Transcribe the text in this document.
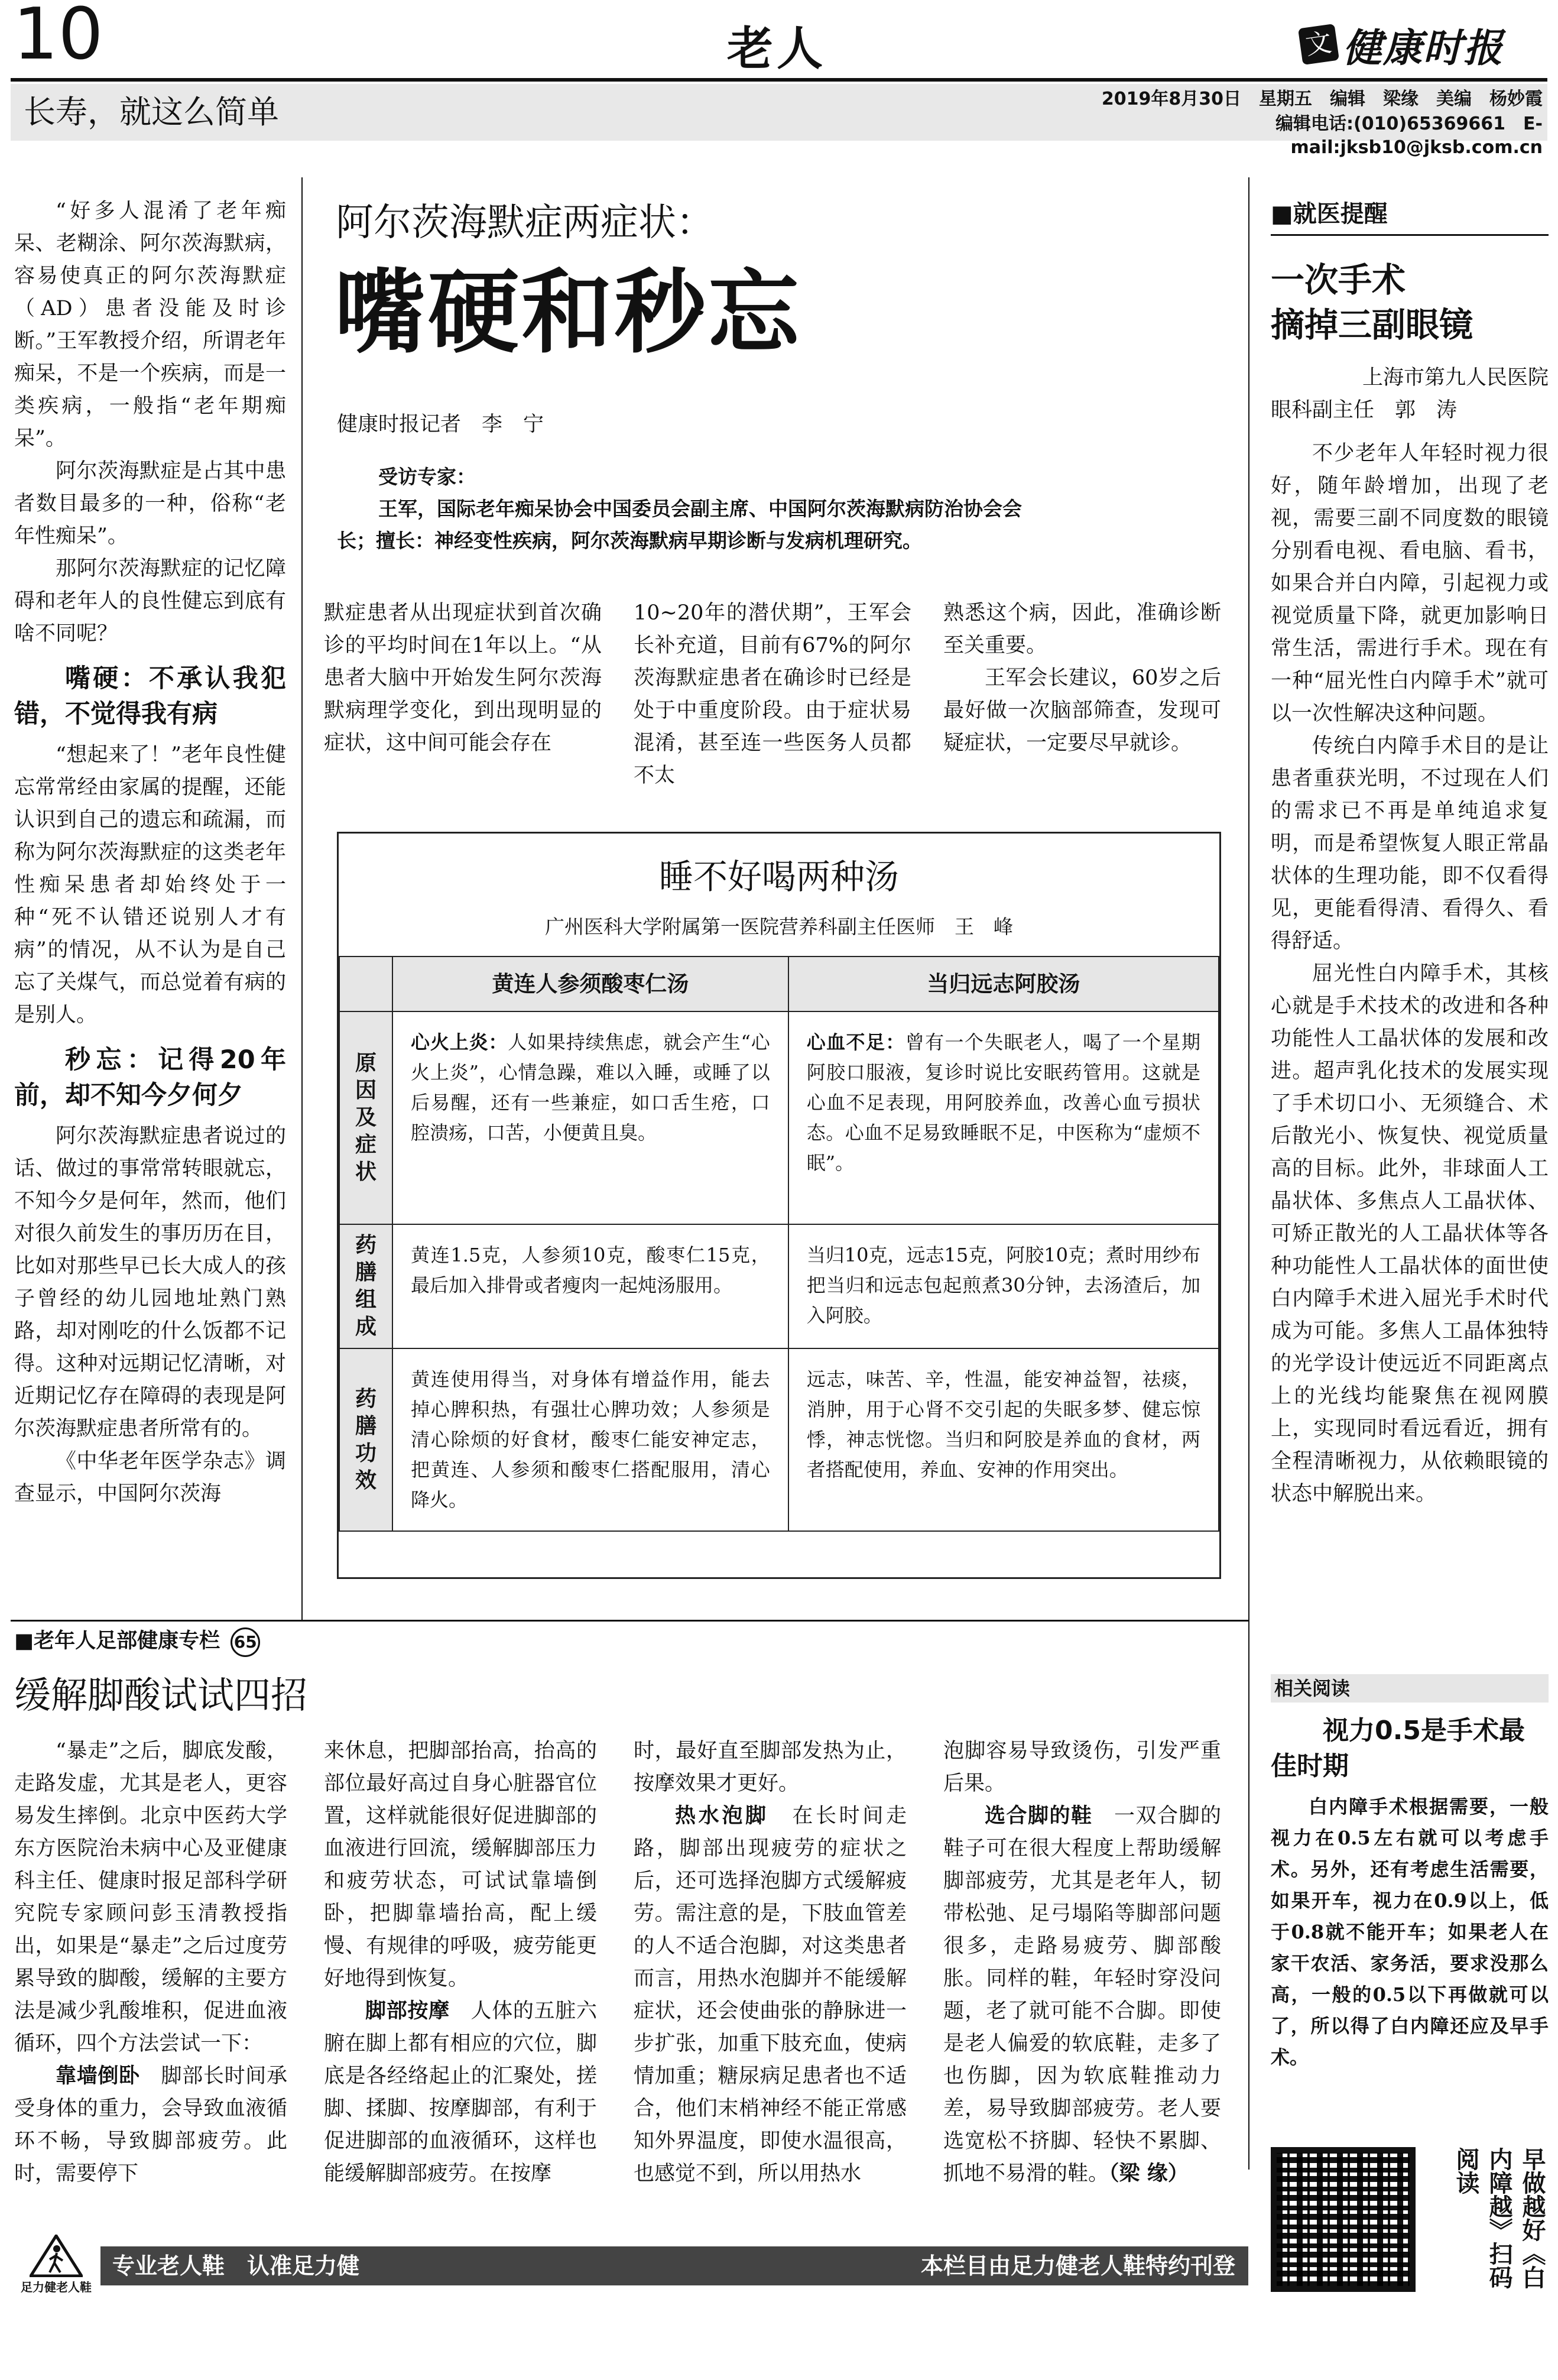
10	老人	文 健康时报
长寿，就这么简单	2019年8月30日　星期五　编辑　梁缘　美编　杨妙霞
编辑电话:(010)65369661　E-mail:jksb10@jksb.com.cn

“好多人混淆了老年痴呆、老糊涂、阿尔茨海默病，容易使真正的阿尔茨海默症（AD）患者没能及时诊断。”王军教授介绍，所谓老年痴呆，不是一个疾病，而是一类疾病，一般指“老年期痴呆”。

阿尔茨海默症是占其中患者数目最多的一种，俗称“老年性痴呆”。

那阿尔茨海默症的记忆障碍和老年人的良性健忘到底有啥不同呢？

嘴硬：不承认我犯错，不觉得我有病

“想起来了！”老年良性健忘常常经由家属的提醒，还能认识到自己的遗忘和疏漏，而称为阿尔茨海默症的这类老年性痴呆患者却始终处于一种“死不认错还说别人才有病”的情况，从不认为是自己忘了关煤气，而总觉着有病的是别人。

秒忘：记得20年前，却不知今夕何夕

阿尔茨海默症患者说过的话、做过的事常常转眼就忘，不知今夕是何年，然而，他们对很久前发生的事历历在目，比如对那些早已长大成人的孩子曾经的幼儿园地址熟门熟路，却对刚吃的什么饭都不记得。这种对远期记忆清晰，对近期记忆存在障碍的表现是阿尔茨海默症患者所常有的。

《中华老年医学杂志》调查显示，中国阿尔茨海

阿尔茨海默症两症状：
嘴硬和秒忘
健康时报记者　李　宁
受访专家：
王军，国际老年痴呆协会中国委员会副主席、中国阿尔茨海默病防治协会会
长；擅长：神经变性疾病，阿尔茨海默病早期诊断与发病机理研究。
默症患者从出现症状到首次确诊的平均时间在1年以上。“从患者大脑中开始发生阿尔茨海默病理学变化，到出现明显的症状，这中间可能会存在
10~20年的潜伏期”，王军会长补充道，目前有67%的阿尔茨海默症患者在确诊时已经是处于中重度阶段。由于症状易混淆，甚至连一些医务人员都不太
熟悉这个病，因此，准确诊断至关重要。

王军会长建议，60岁之后最好做一次脑部筛查，发现可疑症状，一定要尽早就诊。

睡不好喝两种汤
广州医科大学附属第一医院营养科副主任医师　王　峰
	黄连人参须酸枣仁汤	当归远志阿胶汤
原因及症状	心火上炎：人如果持续焦虑，就会产生“心火上炎”，心情急躁，难以入睡，或睡了以后易醒，还有一些兼症，如口舌生疮，口腔溃疡，口苦，小便黄且臭。	心血不足：曾有一个失眠老人，喝了一个星期阿胶口服液，复诊时说比安眠药管用。这就是心血不足表现，用阿胶养血，改善心血亏损状态。心血不足易致睡眠不足，中医称为“虚烦不眠”。
药膳组成	黄连1.5克，人参须10克，酸枣仁15克，最后加入排骨或者瘦肉一起炖汤服用。	当归10克，远志15克，阿胶10克；煮时用纱布把当归和远志包起煎煮30分钟，去汤渣后，加入阿胶。
药膳功效	黄连使用得当，对身体有增益作用，能去掉心脾积热，有强壮心脾功效；人参须是清心除烦的好食材，酸枣仁能安神定志，把黄连、人参须和酸枣仁搭配服用，清心降火。	远志，味苦、辛，性温，能安神益智，祛痰，消肿，用于心肾不交引起的失眠多梦、健忘惊悸，神志恍惚。当归和阿胶是养血的食材，两者搭配使用，养血、安神的作用突出。
■就医提醒
一次手术
摘掉三副眼镜
上海市第九人民医院
眼科副主任　郭　涛

不少老年人年轻时视力很好，随年龄增加，出现了老视，需要三副不同度数的眼镜分别看电视、看电脑、看书，如果合并白内障，引起视力或视觉质量下降，就更加影响日常生活，需进行手术。现在有一种“屈光性白内障手术”就可以一次性解决这种问题。

传统白内障手术目的是让患者重获光明，不过现在人们的需求已不再是单纯追求复明，而是希望恢复人眼正常晶状体的生理功能，即不仅看得见，更能看得清、看得久、看得舒适。

屈光性白内障手术，其核心就是手术技术的改进和各种功能性人工晶状体的发展和改进。超声乳化技术的发展实现了手术切口小、无须缝合、术后散光小、恢复快、视觉质量高的目标。此外，非球面人工晶状体、多焦点人工晶状体、可矫正散光的人工晶状体等各种功能性人工晶状体的面世使白内障手术进入屈光手术时代成为可能。多焦人工晶体独特的光学设计使远近不同距离点上的光线均能聚焦在视网膜上，实现同时看远看近，拥有全程清晰视力，从依赖眼镜的状态中解脱出来。

相关阅读
视力0.5是手术最佳时期
白内障手术根据需要，一般视力在0.5左右就可以考虑手术。另外，还有考虑生活需要，如果开车，视力在0.9以上，低于0.8就不能开车；如果老人在家干农活、家务活，要求没那么高，一般的0.5以下再做就可以了，所以得了白内障还应及早手术。
早做越好《白内障越》扫码阅读
■老年人足部健康专栏 65
缓解脚酸试试四招

“暴走”之后，脚底发酸，走路发虚，尤其是老人，更容易发生摔倒。北京中医药大学东方医院治未病中心及亚健康科主任、健康时报足部科学研究院专家顾问彭玉清教授指出，如果是“暴走”之后过度劳累导致的脚酸，缓解的主要方法是减少乳酸堆积，促进血液循环，四个方法尝试一下：

靠墙倒卧　 脚部长时间承受身体的重力，会导致血液循环不畅，导致脚部疲劳。此时，需要停下

来休息，把脚部抬高，抬高的部位最好高过自身心脏器官位置，这样就能很好促进脚部的血液进行回流，缓解脚部压力和疲劳状态，可试试靠墙倒卧，把脚靠墙抬高，配上缓慢、有规律的呼吸，疲劳能更好地得到恢复。

脚部按摩　 人体的五脏六腑在脚上都有相应的穴位，脚底是各经络起止的汇聚处，搓脚、揉脚、按摩脚部，有利于促进脚部的血液循环，这样也能缓解脚部疲劳。在按摩

时，最好直至脚部发热为止，按摩效果才更好。

热水泡脚　 在长时间走路，脚部出现疲劳的症状之后，还可选择泡脚方式缓解疲劳。需注意的是，下肢血管差的人不适合泡脚，对这类患者而言，用热水泡脚并不能缓解症状，还会使曲张的静脉进一步扩张，加重下肢充血，使病情加重；糖尿病足患者也不适合，他们末梢神经不能正常感知外界温度，即使水温很高，也感觉不到，所以用热水

泡脚容易导致烫伤，引发严重后果。

选合脚的鞋　 一双合脚的鞋子可在很大程度上帮助缓解脚部疲劳，尤其是老年人，韧带松弛、足弓塌陷等脚部问题很多，走路易疲劳、脚部酸胀。同样的鞋，年轻时穿没问题，老了就可能不合脚。即使是老人偏爱的软底鞋，走多了也伤脚，因为软底鞋推动力差，易导致脚部疲劳。老人要选宽松不挤脚、轻快不累脚、抓地不易滑的鞋。（梁 缘）

足力健老人鞋
专业老人鞋　认准足力健	本栏目由足力健老人鞋特约刊登
